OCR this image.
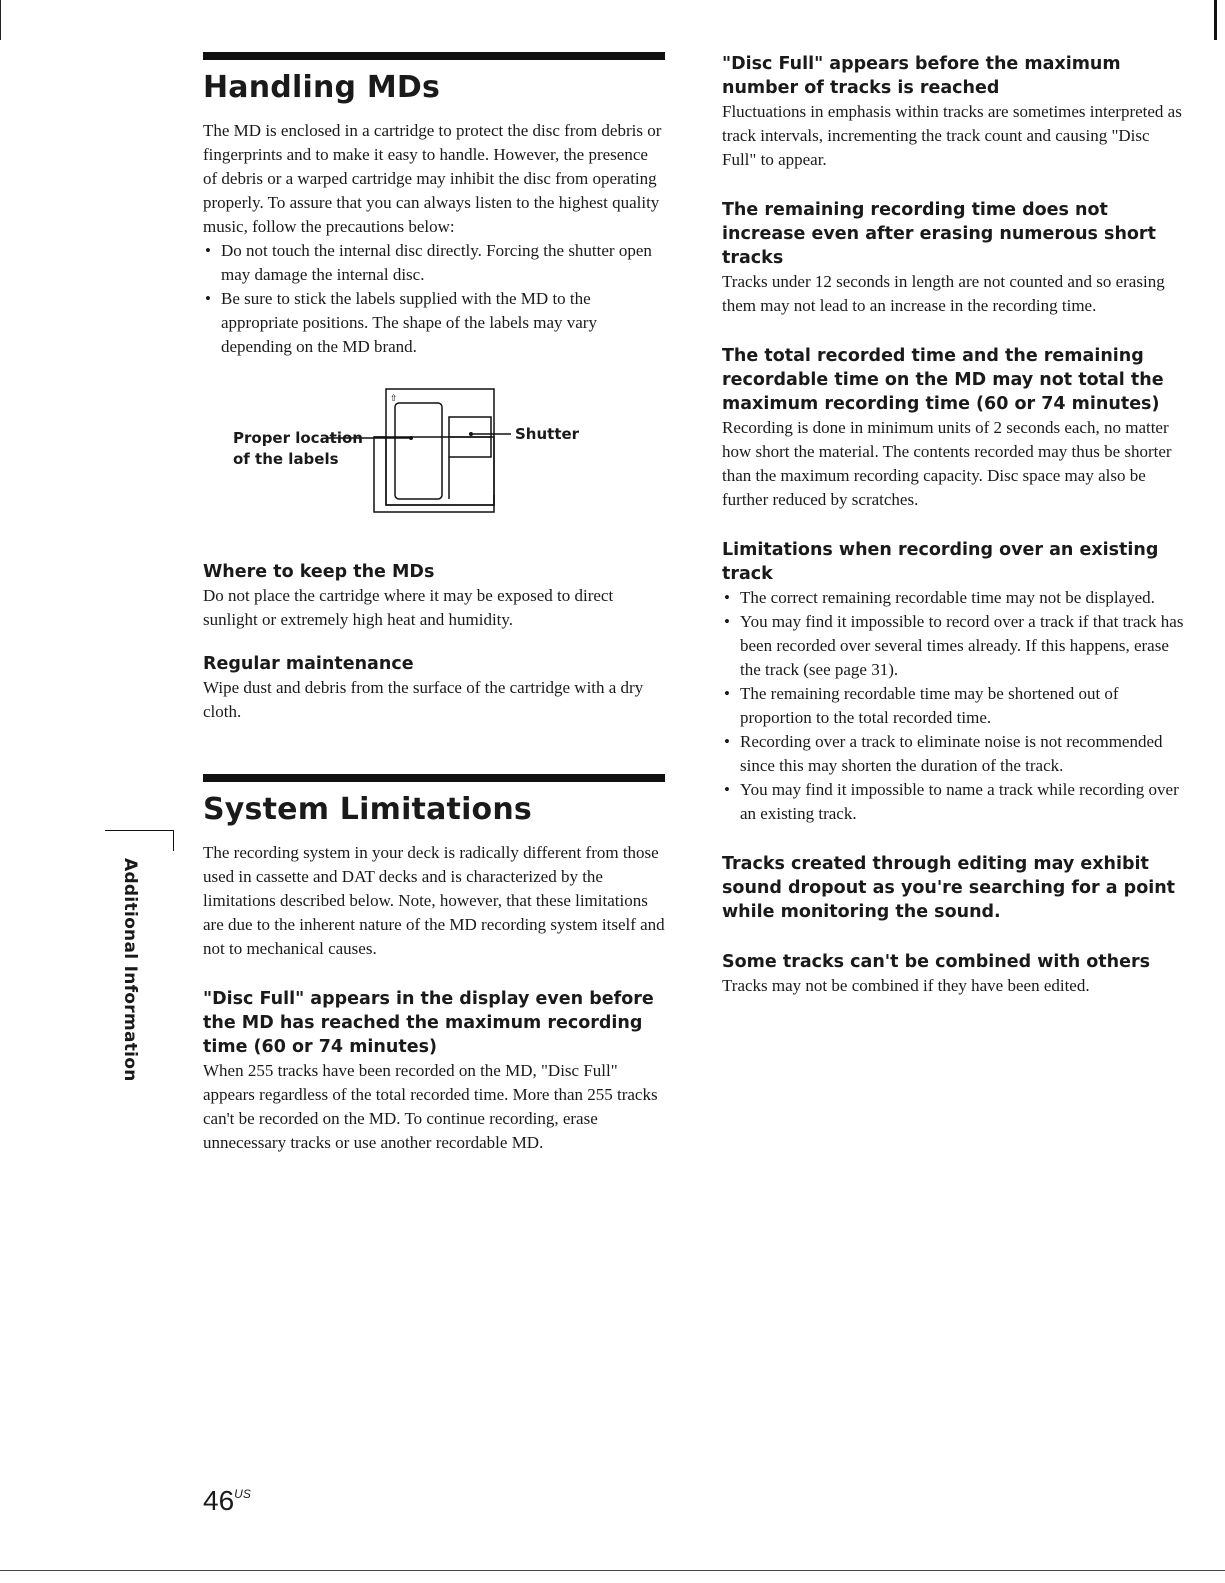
Handling MDs

The MD is enclosed in a cartridge to protect the disc from debris or fingerprints and to make it easy to handle. However, the presence of debris or a warped cartridge may inhibit the disc from operating properly. To assure that you can always listen to the highest quality music, follow the precautions below:

• Do not touch the internal disc directly. Forcing the shutter open may damage the internal disc.
• Be sure to stick the labels supplied with the MD to the appropriate positions. The shape of the labels may vary depending on the MD brand.
⇧
Proper location
of the labels
Shutter
Where to keep the MDs

Do not place the cartridge where it may be exposed to direct sunlight or extremely high heat and humidity.

Regular maintenance

Wipe dust and debris from the surface of the cartridge with a dry cloth.

System Limitations

The recording system in your deck is radically different from those used in cassette and DAT decks and is characterized by the limitations described below. Note, however, that these limitations are due to the inherent nature of the MD recording system itself and not to mechanical causes.

"Disc Full" appears in the display even before the MD has reached the maximum recording time (60 or 74 minutes)

When 255 tracks have been recorded on the MD, "Disc Full" appears regardless of the total recorded time. More than 255 tracks can't be recorded on the MD. To continue recording, erase unnecessary tracks or use another recordable MD.

"Disc Full" appears before the maximum number of tracks is reached

Fluctuations in emphasis within tracks are sometimes interpreted as track intervals, incrementing the track count and causing "Disc Full" to appear.

The remaining recording time does not increase even after erasing numerous short tracks

Tracks under 12 seconds in length are not counted and so erasing them may not lead to an increase in the recording time.

The total recorded time and the remaining recordable time on the MD may not total the maximum recording time (60 or 74 minutes)

Recording is done in minimum units of 2 seconds each, no matter how short the material. The contents recorded may thus be shorter than the maximum recording capacity. Disc space may also be further reduced by scratches.

Limitations when recording over an existing track
• The correct remaining recordable time may not be displayed.
• You may find it impossible to record over a track if that track has been recorded over several times already. If this happens, erase the track (see page 31).
• The remaining recordable time may be shortened out of proportion to the total recorded time.
• Recording over a track to eliminate noise is not recommended since this may shorten the duration of the track.
• You may find it impossible to name a track while recording over an existing track.
Tracks created through editing may exhibit sound dropout as you're searching for a point while monitoring the sound.
Some tracks can't be combined with others

Tracks may not be combined if they have been edited.

Additional Information
$46^{US}$
